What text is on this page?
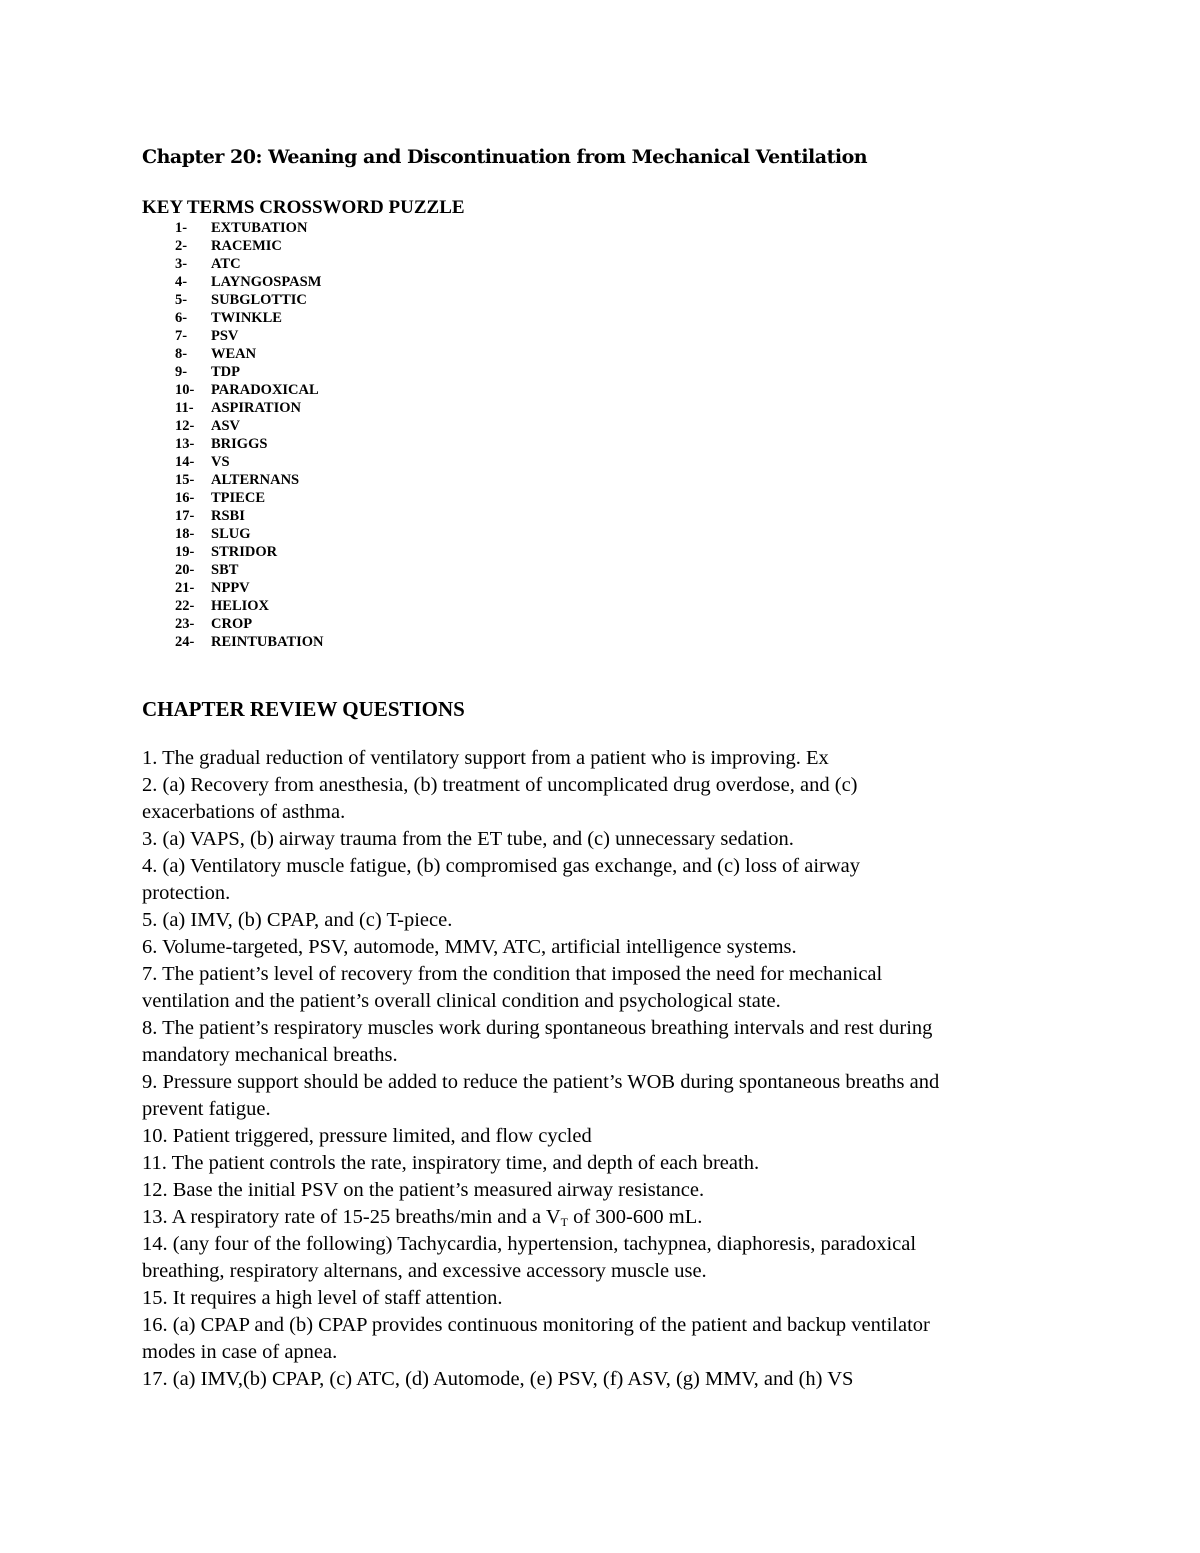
Chapter 20: Weaning and Discontinuation from Mechanical Ventilation
KEY TERMS CROSSWORD PUZZLE
1- EXTUBATION
2- RACEMIC
3- ATC
4- LAYNGOSPASM
5- SUBGLOTTIC
6- TWINKLE
7- PSV
8- WEAN
9- TDP
10- PARADOXICAL
11- ASPIRATION
12- ASV
13- BRIGGS
14- VS
15- ALTERNANS
16- TPIECE
17- RSBI
18- SLUG
19- STRIDOR
20- SBT
21- NPPV
22- HELIOX
23- CROP
24- REINTUBATION
CHAPTER REVIEW QUESTIONS
1. The gradual reduction of ventilatory support from a patient who is improving. Ex
2. (a) Recovery from anesthesia, (b) treatment of uncomplicated drug overdose, and (c)
exacerbations of asthma.
3. (a) VAPS, (b) airway trauma from the ET tube, and (c) unnecessary sedation.
4. (a) Ventilatory muscle fatigue, (b) compromised gas exchange, and (c) loss of airway
protection.
5. (a) IMV, (b) CPAP, and (c) T-piece.
6. Volume-targeted, PSV, automode, MMV, ATC, artificial intelligence systems.
7. The patient’s level of recovery from the condition that imposed the need for mechanical
ventilation and the patient’s overall clinical condition and psychological state.
8. The patient’s respiratory muscles work during spontaneous breathing intervals and rest during
mandatory mechanical breaths.
9. Pressure support should be added to reduce the patient’s WOB during spontaneous breaths and
prevent fatigue.
10. Patient triggered, pressure limited, and flow cycled
11. The patient controls the rate, inspiratory time, and depth of each breath.
12. Base the initial PSV on the patient’s measured airway resistance.
13. A respiratory rate of 15-25 breaths/min and a $V_T$ of 300-600 mL.
14. (any four of the following) Tachycardia, hypertension, tachypnea, diaphoresis, paradoxical
breathing, respiratory alternans, and excessive accessory muscle use.
15. It requires a high level of staff attention.
16. (a) CPAP and (b) CPAP provides continuous monitoring of the patient and backup ventilator
modes in case of apnea.
17. (a) IMV,(b) CPAP, (c) ATC, (d) Automode, (e) PSV, (f) ASV, (g) MMV, and (h) VS
